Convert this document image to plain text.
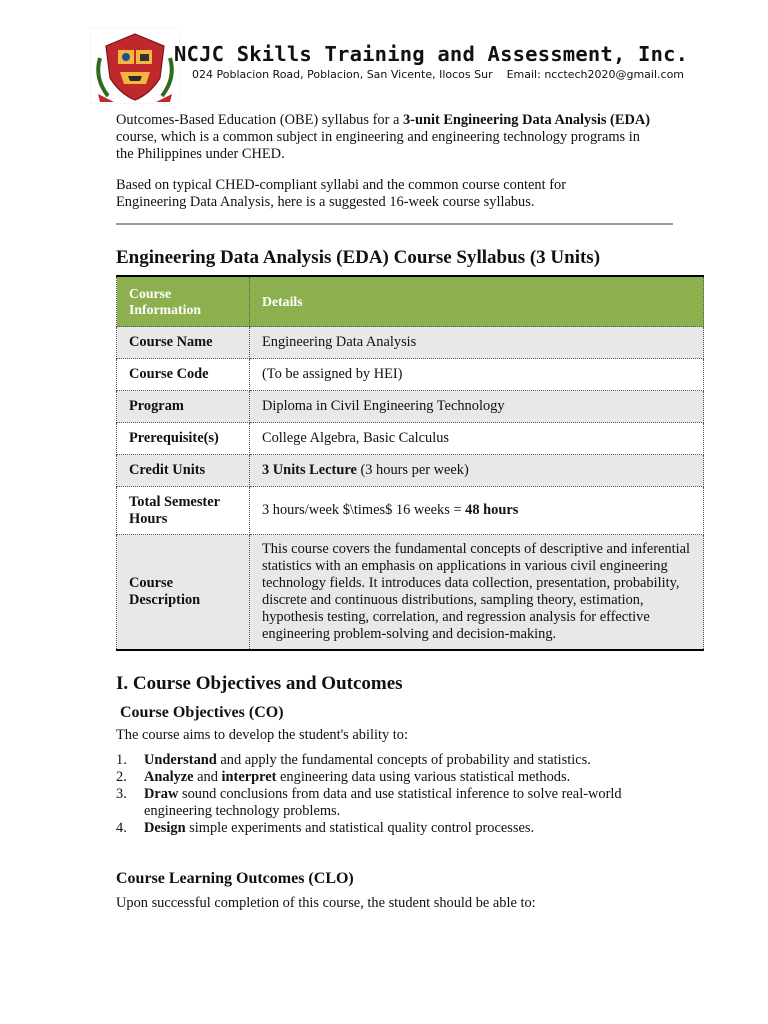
NCJC Skills Training and Assessment, Inc.
024 Poblacion Road, Poblacion, San Vicente, Ilocos Sur Email: ncctech2020@gmail.com

Outcomes-Based Education (OBE) syllabus for a 3-unit Engineering Data Analysis (EDA) course, which is a common subject in engineering and engineering technology programs in the Philippines under CHED.

Based on typical CHED-compliant syllabi and the common course content for Engineering Data Analysis, here is a suggested 16-week course syllabus.

Engineering Data Analysis (EDA) Course Syllabus (3 Units)
Course Information	Details
Course Name	Engineering Data Analysis
Course Code	(To be assigned by HEI)
Program	Diploma in Civil Engineering Technology
Prerequisite(s)	College Algebra, Basic Calculus
Credit Units	3 Units Lecture (3 hours per week)
Total Semester Hours	3 hours/week $\times$ 16 weeks = 48 hours
Course Description	This course covers the fundamental concepts of descriptive and inferential statistics with an emphasis on applications in various civil engineering technology fields. It introduces data collection, presentation, probability, discrete and continuous distributions, sampling theory, estimation, hypothesis testing, correlation, and regression analysis for effective engineering problem-solving and decision-making.
I. Course Objectives and Outcomes
Course Objectives (CO)

The course aims to develop the student's ability to:

1. Understand and apply the fundamental concepts of probability and statistics.
2. Analyze and interpret engineering data using various statistical methods.
3. Draw sound conclusions from data and use statistical inference to solve real-world engineering technology problems.
4. Design simple experiments and statistical quality control processes.
Course Learning Outcomes (CLO)

Upon successful completion of this course, the student should be able to:
